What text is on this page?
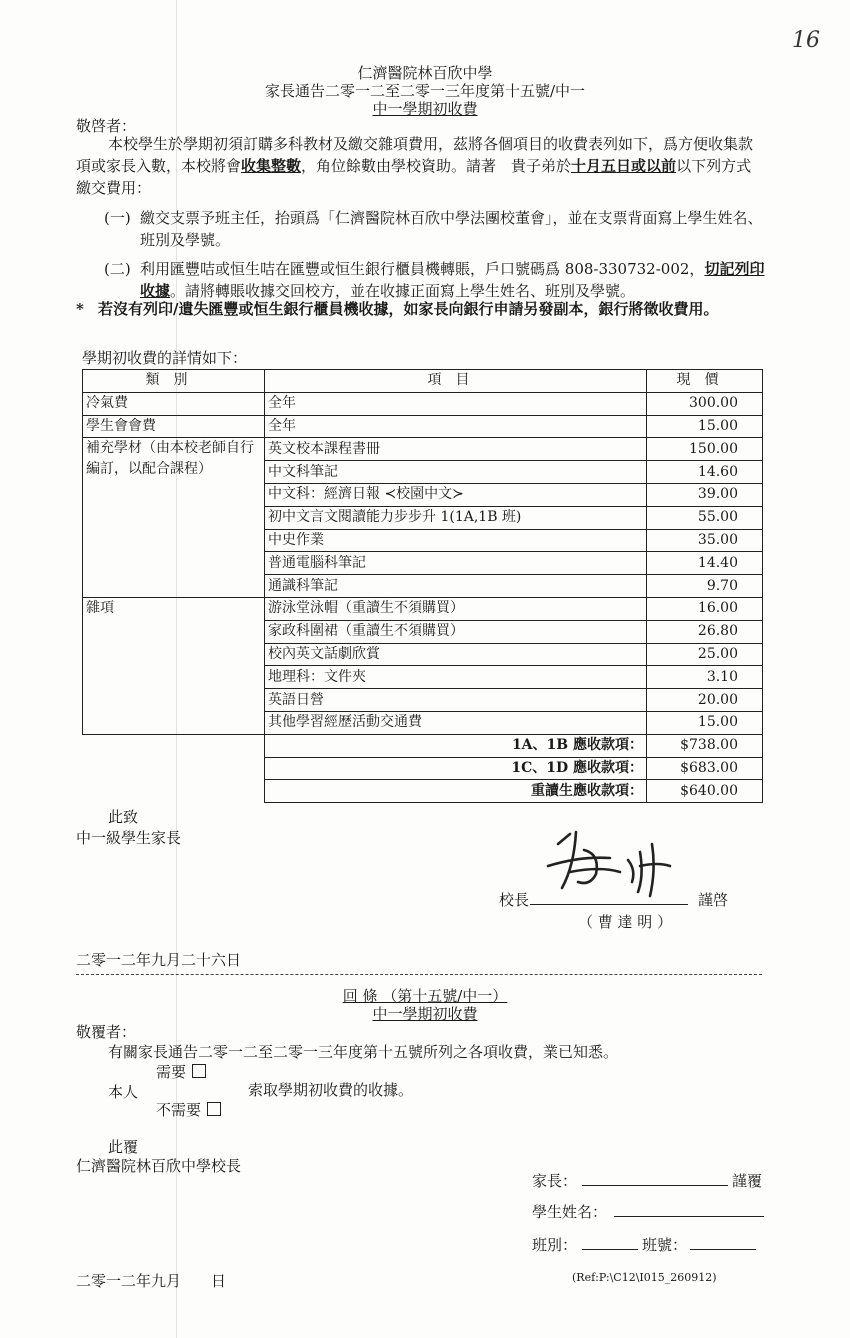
16
仁濟醫院林百欣中學
家長通告二零一二至二零一三年度第十五號/中一
中一學期初收費
敬啓者：
本校學生於學期初須訂購多科教材及繳交雜項費用，茲將各個項目的收費表列如下，爲方便收集款項或家長入數，本校將會收集整數，角位餘數由學校資助。請著　貴子弟於十月五日或以前以下列方式繳交費用：
(一) 繳交支票予班主任，抬頭爲「仁濟醫院林百欣中學法團校董會」，並在支票背面寫上學生姓名、班別及學號。
(二) 利用匯豐咭或恒生咭在匯豐或恒生銀行櫃員機轉賬，戶口號碼爲 808-330732-002，切記列印收據。請將轉賬收據交回校方，並在收據正面寫上學生姓名、班別及學號。
* 若沒有列印/遺失匯豐或恒生銀行櫃員機收據，如家長向銀行申請另發副本，銀行將徵收費用。
學期初收費的詳情如下：
類別	項目	現價
冷氣費	全年	300.00
學生會會費	全年	15.00
補充學材（由本校老師自行編訂，以配合課程）	英文校本課程書冊	150.00
	中文科筆記	14.60
	中文科：經濟日報 ≺校園中文≻	39.00
	初中文言文閱讀能力步步升 1(1A,1B 班)	55.00
	中史作業	35.00
	普通電腦科筆記	14.40
	通識科筆記	9.70
雜項	游泳堂泳帽（重讀生不須購買）	16.00
	家政科圍裙（重讀生不須購買）	26.80
	校內英文話劇欣賞	25.00
	地理科：文件夾	3.10
	英語日營	20.00
	其他學習經歷活動交通費	15.00
	1A、1B 應收款項：	$738.00
	1C、1D 應收款項：	$683.00
	重讀生應收款項：	$640.00
此致
中一級學生家長
校長	謹啓
（ 曹 達 明 ）
二零一二年九月二十六日
回 條 （第十五號/中一）
中一學期初收費
敬覆者：
有關家長通告二零一二至二零一三年度第十五號所列之各項收費，業已知悉。
需要
本人	索取學期初收費的收據。
不需要
此覆
仁濟醫院林百欣中學校長
家長：	謹覆
學生姓名：
班別：	班號：
二零一二年九月　　日	(Ref:P:\C12\I015_260912)
